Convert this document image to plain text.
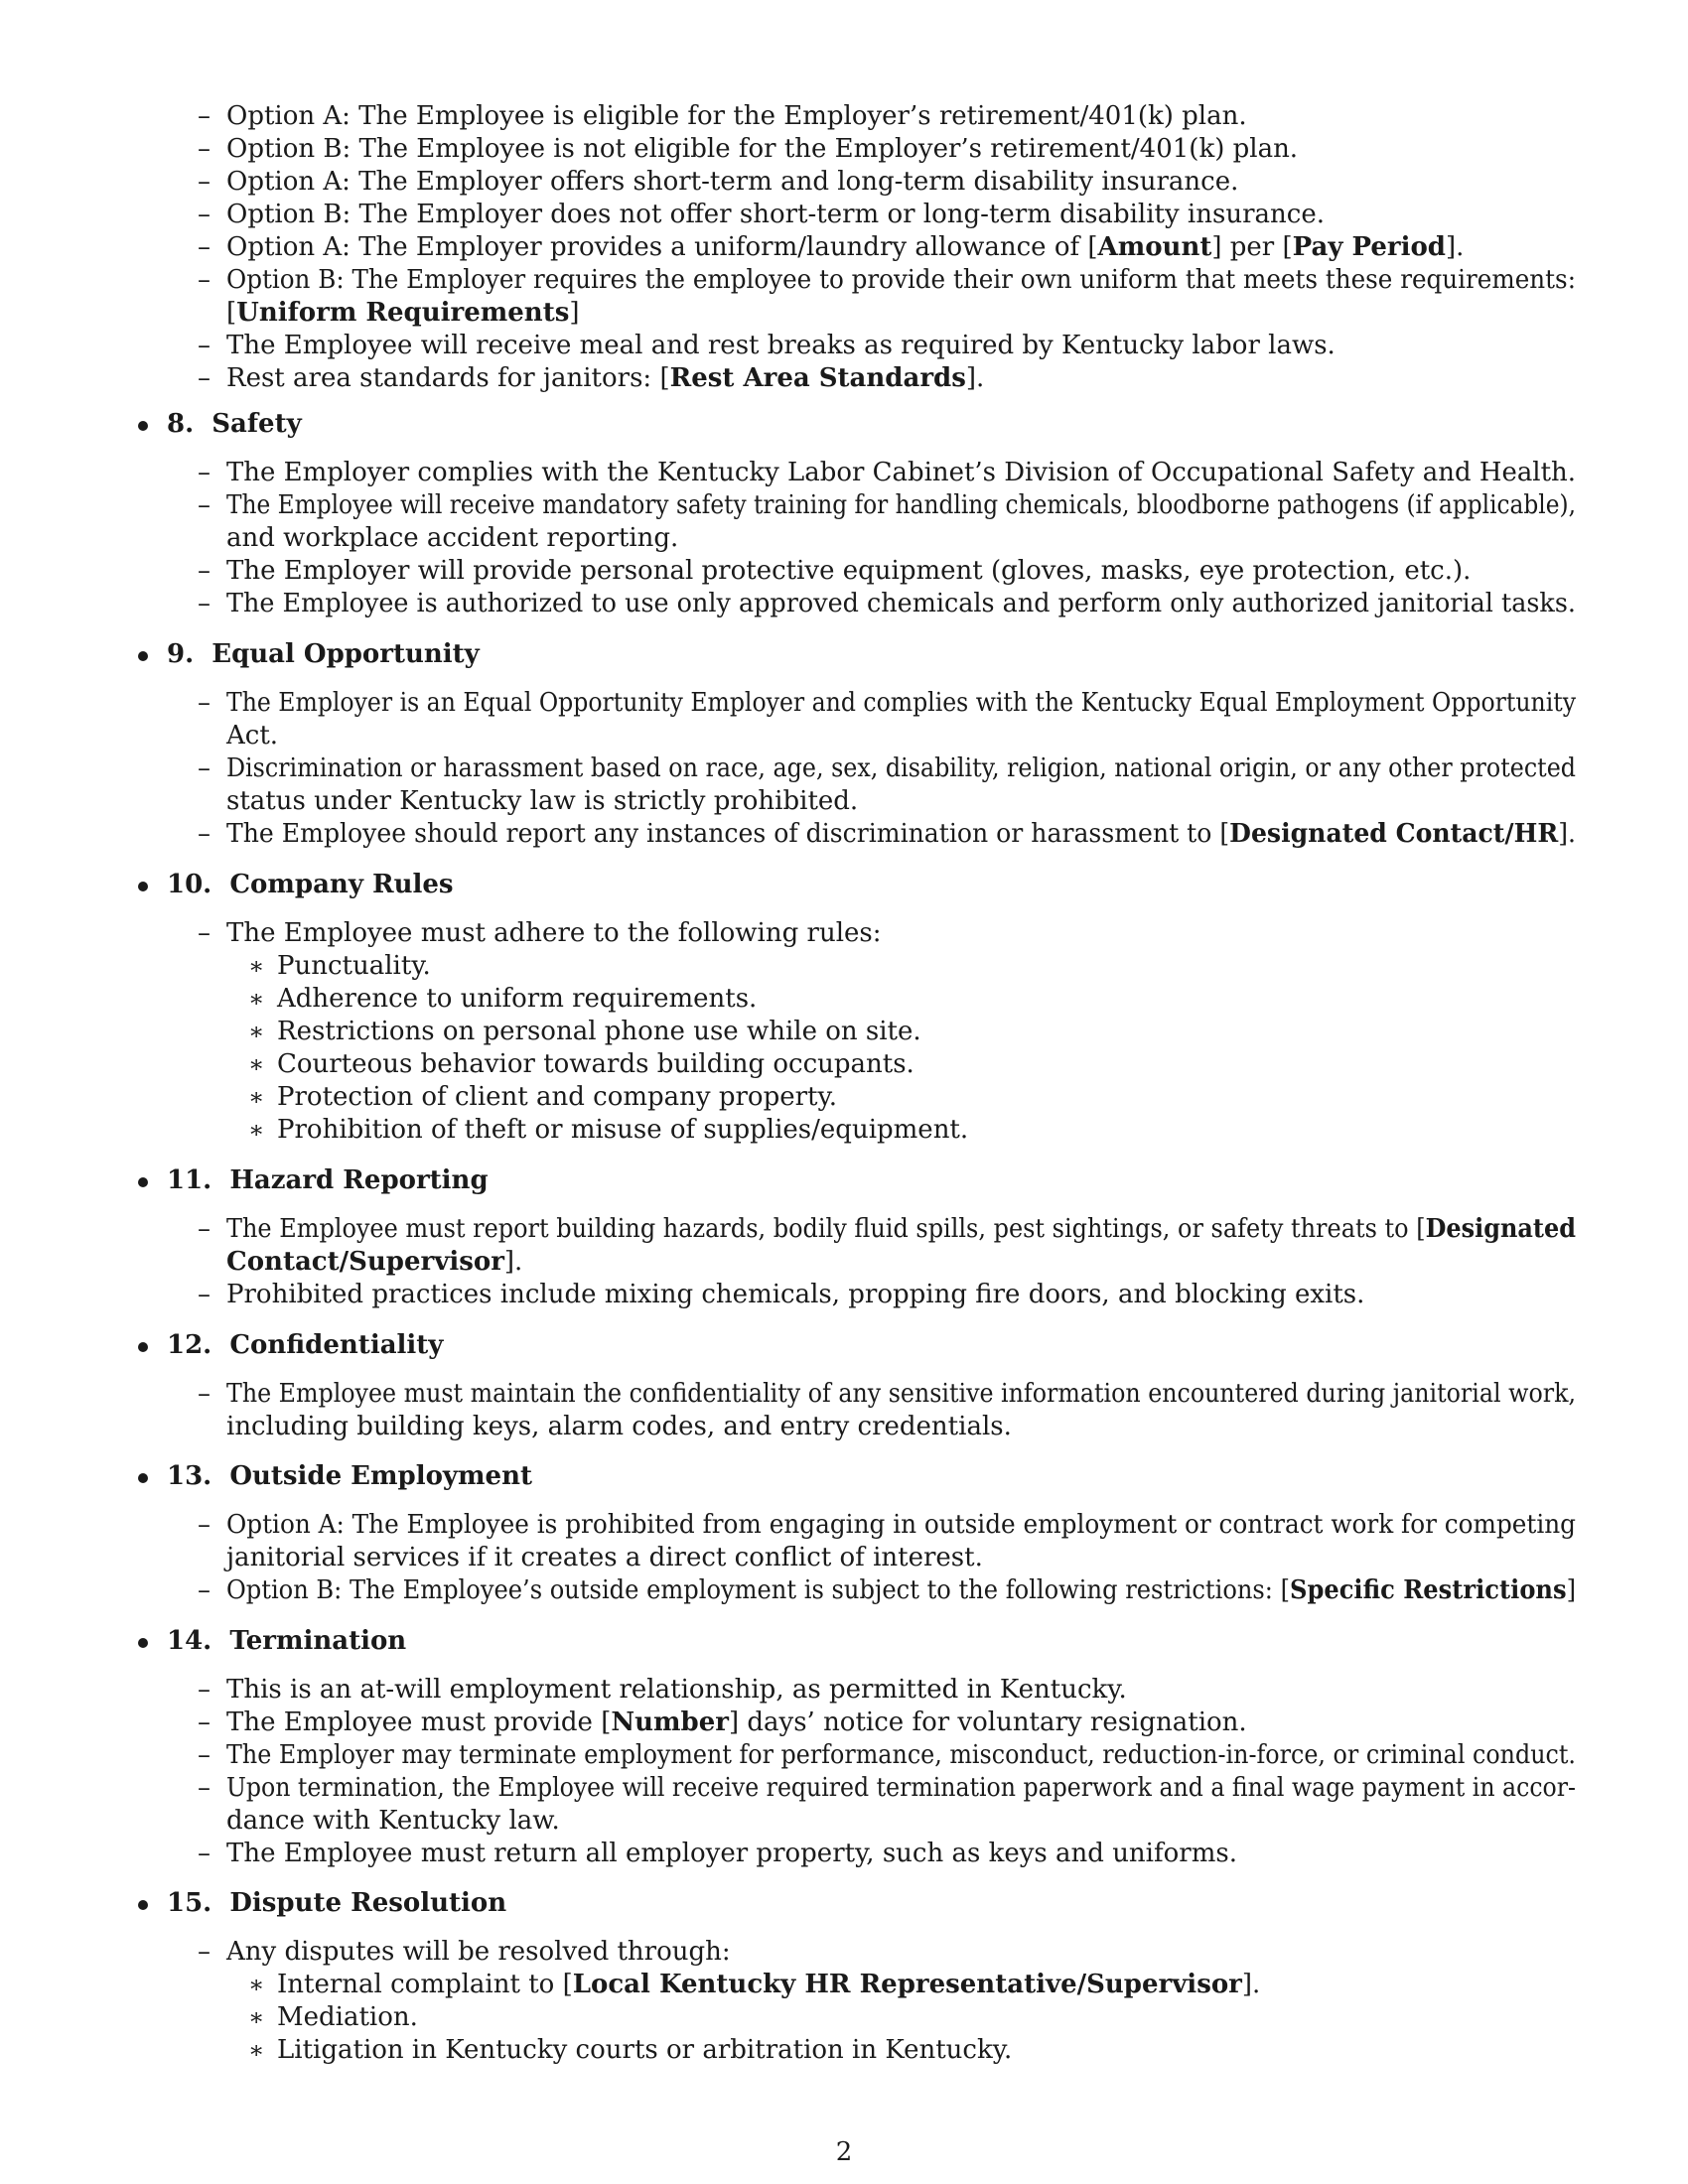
2
– Option A: The Employee is eligible for the Employer’s retirement/401(k) plan.
– Option B: The Employee is not eligible for the Employer’s retirement/401(k) plan.
– Option A: The Employer offers short-term and long-term disability insurance.
– Option B: The Employer does not offer short-term or long-term disability insurance.
– Option A: The Employer provides a uniform/laundry allowance of [Amount] per [Pay Period].
– Option B: The Employer requires the employee to provide their own uniform that meets these requirements:
[Uniform Requirements]
– The Employee will receive meal and rest breaks as required by Kentucky labor laws.
– Rest area standards for janitors: [Rest Area Standards].
8.  Safety
– The Employer complies with the Kentucky Labor Cabinet’s Division of Occupational Safety and Health.
– The Employee will receive mandatory safety training for handling chemicals, bloodborne pathogens (if applicable),
and workplace accident reporting.
– The Employer will provide personal protective equipment (gloves, masks, eye protection, etc.).
– The Employee is authorized to use only approved chemicals and perform only authorized janitorial tasks.
9.  Equal Opportunity
– The Employer is an Equal Opportunity Employer and complies with the Kentucky Equal Employment Opportunity
Act.
– Discrimination or harassment based on race, age, sex, disability, religion, national origin, or any other protected
status under Kentucky law is strictly prohibited.
– The Employee should report any instances of discrimination or harassment to [Designated Contact/HR].
10.  Company Rules
– The Employee must adhere to the following rules:
∗ Punctuality.
∗ Adherence to uniform requirements.
∗ Restrictions on personal phone use while on site.
∗ Courteous behavior towards building occupants.
∗ Protection of client and company property.
∗ Prohibition of theft or misuse of supplies/equipment.
11.  Hazard Reporting
– The Employee must report building hazards, bodily fluid spills, pest sightings, or safety threats to [Designated
Contact/Supervisor].
– Prohibited practices include mixing chemicals, propping fire doors, and blocking exits.
12.  Confidentiality
– The Employee must maintain the confidentiality of any sensitive information encountered during janitorial work,
including building keys, alarm codes, and entry credentials.
13.  Outside Employment
– Option A: The Employee is prohibited from engaging in outside employment or contract work for competing
janitorial services if it creates a direct conflict of interest.
– Option B: The Employee’s outside employment is subject to the following restrictions: [Specific Restrictions]
14.  Termination
– This is an at-will employment relationship, as permitted in Kentucky.
– The Employee must provide [Number] days’ notice for voluntary resignation.
– The Employer may terminate employment for performance, misconduct, reduction-in-force, or criminal conduct.
– Upon termination, the Employee will receive required termination paperwork and a final wage payment in accor-
dance with Kentucky law.
– The Employee must return all employer property, such as keys and uniforms.
15.  Dispute Resolution
– Any disputes will be resolved through:
∗ Internal complaint to [Local Kentucky HR Representative/Supervisor].
∗ Mediation.
∗ Litigation in Kentucky courts or arbitration in Kentucky.
